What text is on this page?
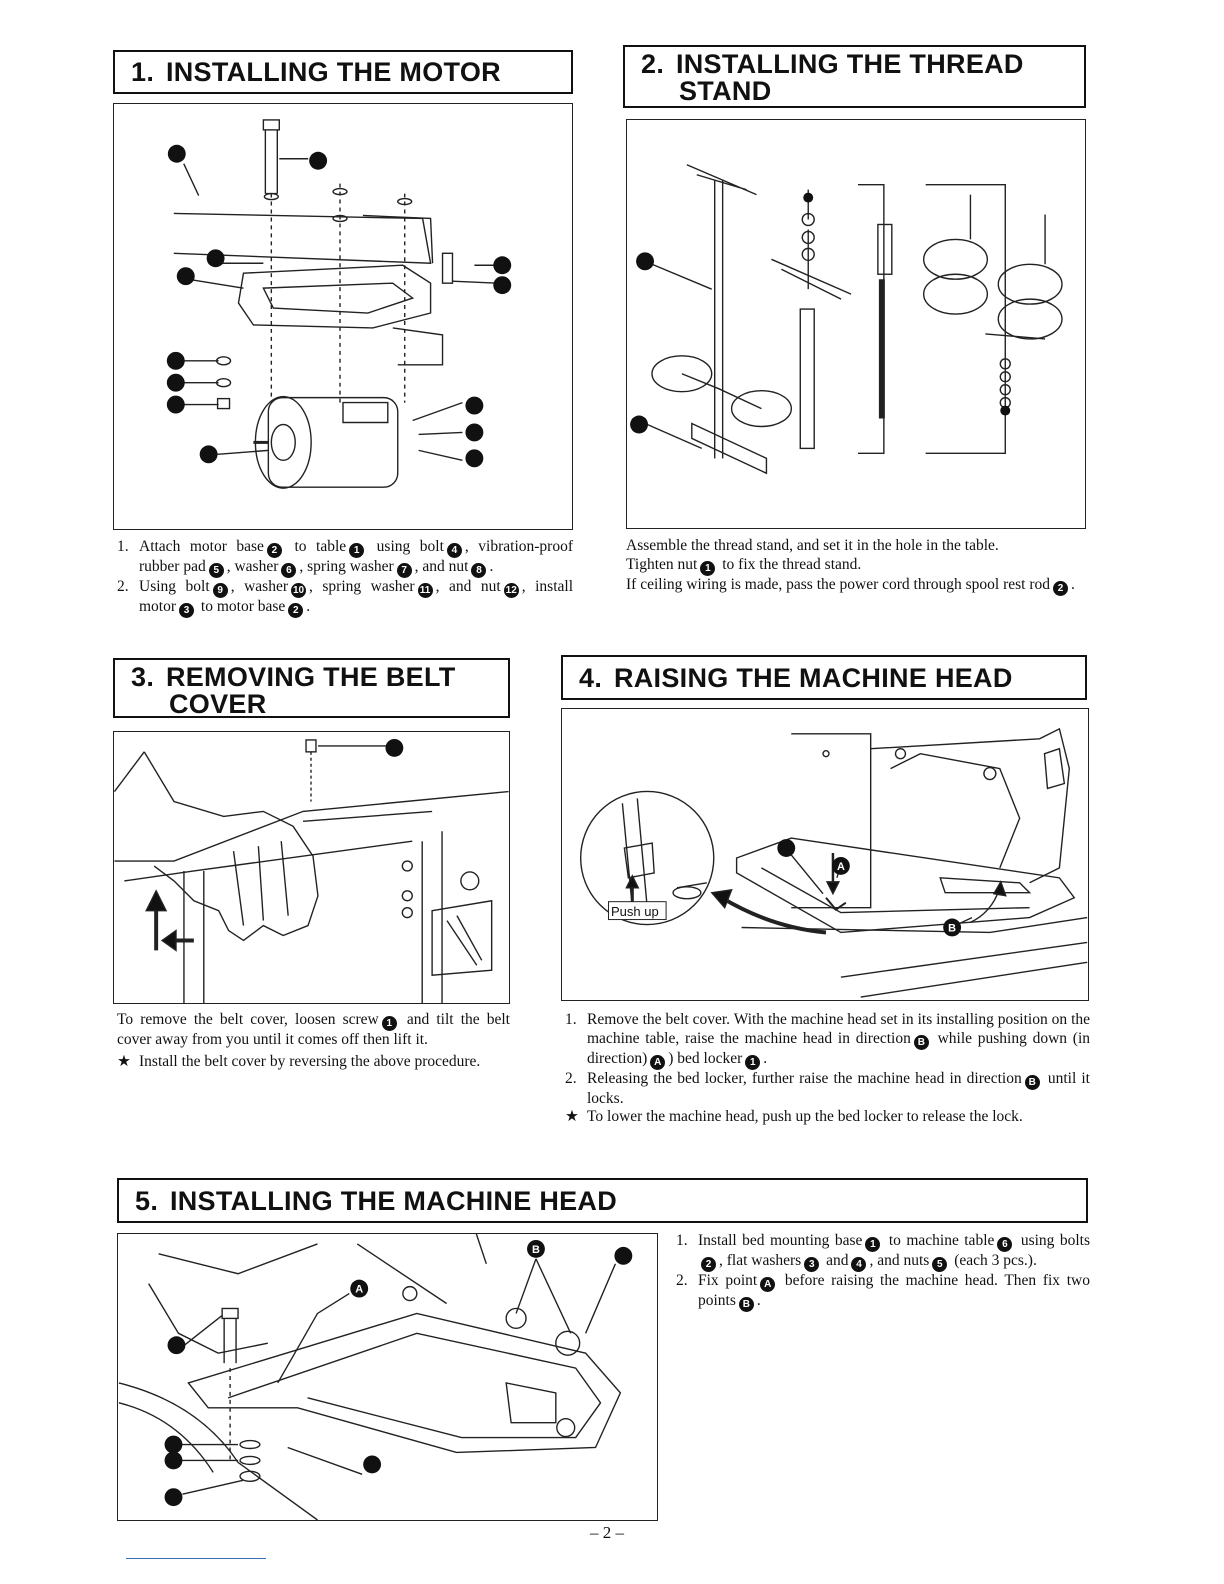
1. INSTALLING THE MOTOR
1. Attach motor base 2 to table 1 using bolt 4 , vibration-proof rubber pad 5 , washer 6 , spring washer 7 , and nut 8 .
2. Using bolt 9 , washer 10 , spring washer 11 , and nut 12 , install motor 3 to motor base 2 .
2. INSTALLING THE THREAD
STAND

Assemble the thread stand, and set it in the hole in the table.

Tighten nut 1 to fix the thread stand.

If ceiling wiring is made, pass the power cord through spool rest rod 2 .

3. REMOVING THE BELT
COVER

To remove the belt cover, loosen screw 1 and tilt the belt cover away from you until it comes off then lift it.

★ Install the belt cover by reversing the above procedure.
4. RAISING THE MACHINE HEAD
A
B
Push up
1. Remove the belt cover. With the machine head set in its installing position on the machine table, raise the machine head in direction B while pushing down (in direction) A ) bed locker 1 .
2. Releasing the bed locker, further raise the machine head in direction B until it locks.
★ To lower the machine head, push up the bed locker to release the lock.
5. INSTALLING THE MACHINE HEAD
A
B
1. Install bed mounting base 1 to machine table 6 using bolts2 , flat washers 3 and 4 , and nuts 5 (each 3 pcs.).
2. Fix point A before raising the machine head. Then fix two points B .
– 2 –
